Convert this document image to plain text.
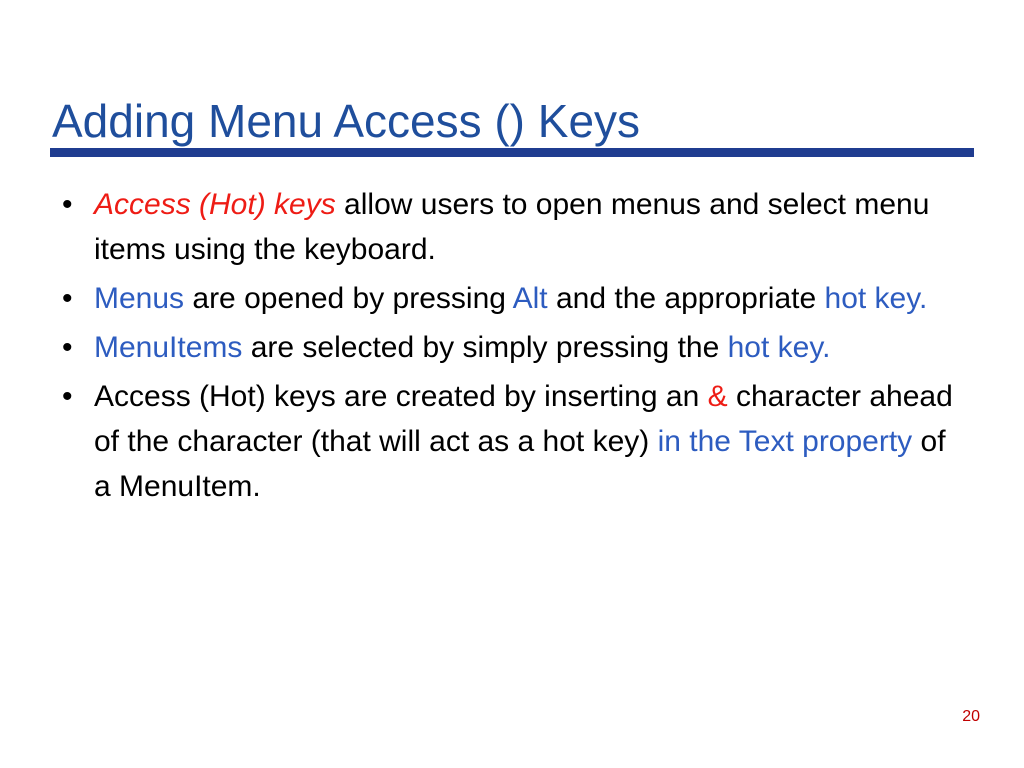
Adding Menu Access () Keys
• Access (Hot) keys allow users to open menus and select menu items using the keyboard.
• Menus are opened by pressing Alt and the appropriate hot key.
• MenuItems are selected by simply pressing the hot key.
• Access (Hot) keys are created by inserting an & character ahead of the character (that will act as a hot key) in the Text property of a MenuItem.
20
